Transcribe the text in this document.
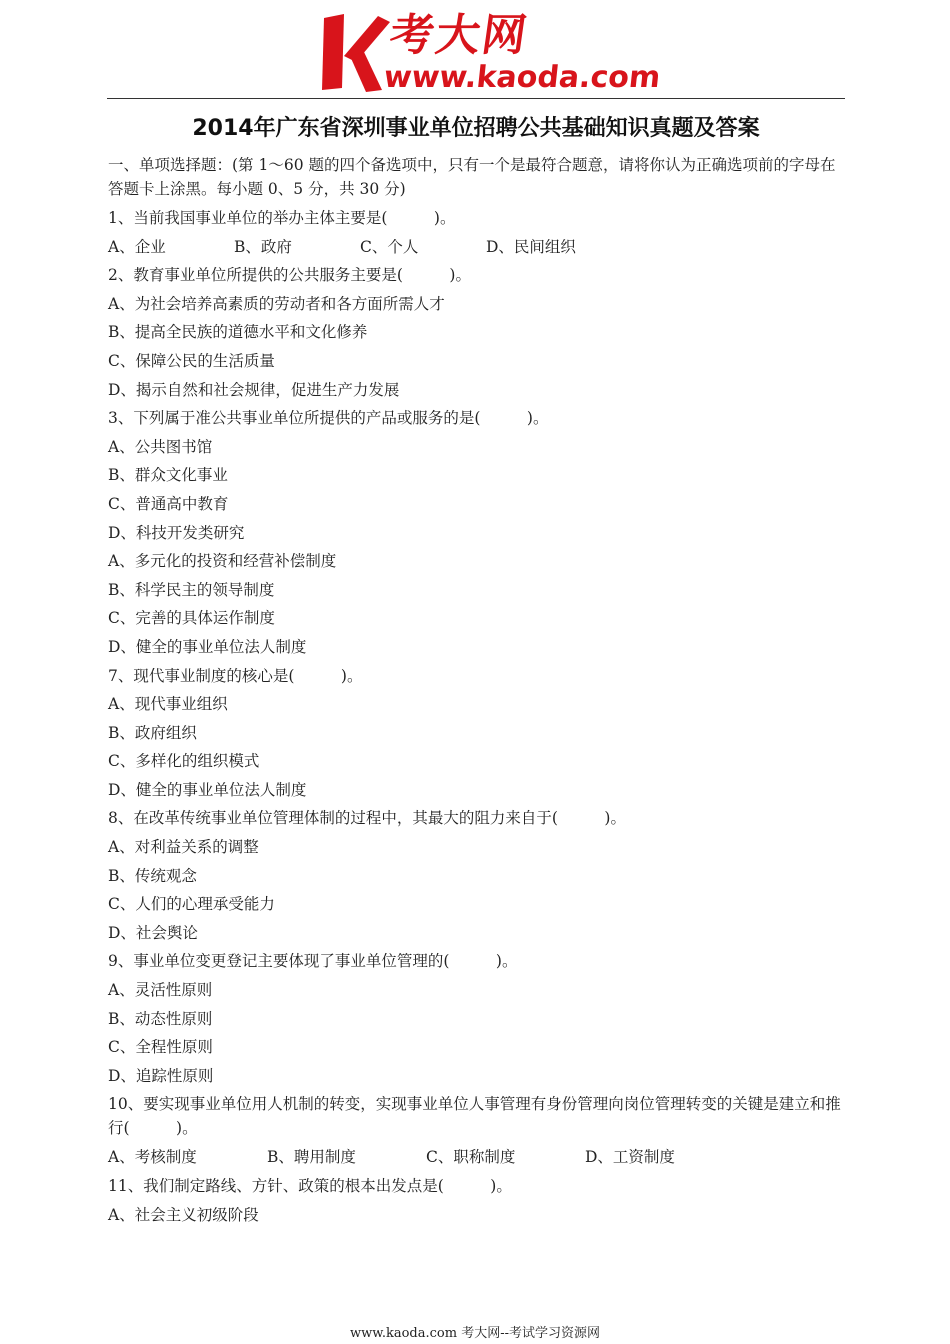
考大网
www.kaoda.com
2014年广东省深圳事业单位招聘公共基础知识真题及答案
一、单项选择题：(第 1～60 题的四个备选项中，只有一个是最符合题意，请将你认为正确选项前的字母在答题卡上涂黑。每小题 0、5 分，共 30 分)
1、当前我国事业单位的举办主体主要是(　　　)。
A、企业	B、政府	C、个人	D、民间组织
2、教育事业单位所提供的公共服务主要是(　　　)。
A、为社会培养高素质的劳动者和各方面所需人才
B、提高全民族的道德水平和文化修养
C、保障公民的生活质量
D、揭示自然和社会规律，促进生产力发展
3、下列属于准公共事业单位所提供的产品或服务的是(　　　)。
A、公共图书馆
B、群众文化事业
C、普通高中教育
D、科技开发类研究
A、多元化的投资和经营补偿制度
B、科学民主的领导制度
C、完善的具体运作制度
D、健全的事业单位法人制度
7、现代事业制度的核心是(　　　)。
A、现代事业组织
B、政府组织
C、多样化的组织模式
D、健全的事业单位法人制度
8、在改革传统事业单位管理体制的过程中，其最大的阻力来自于(　　　)。
A、对利益关系的调整
B、传统观念
C、人们的心理承受能力
D、社会舆论
9、事业单位变更登记主要体现了事业单位管理的(　　　)。
A、灵活性原则
B、动态性原则
C、全程性原则
D、追踪性原则
10、要实现事业单位用人机制的转变，实现事业单位人事管理有身份管理向岗位管理转变的关键是建立和推行(　　　)。
A、考核制度	B、聘用制度	C、职称制度	D、工资制度
11、我们制定路线、方针、政策的根本出发点是(　　　)。
A、社会主义初级阶段
www.kaoda.com 考大网--考试学习资源网
